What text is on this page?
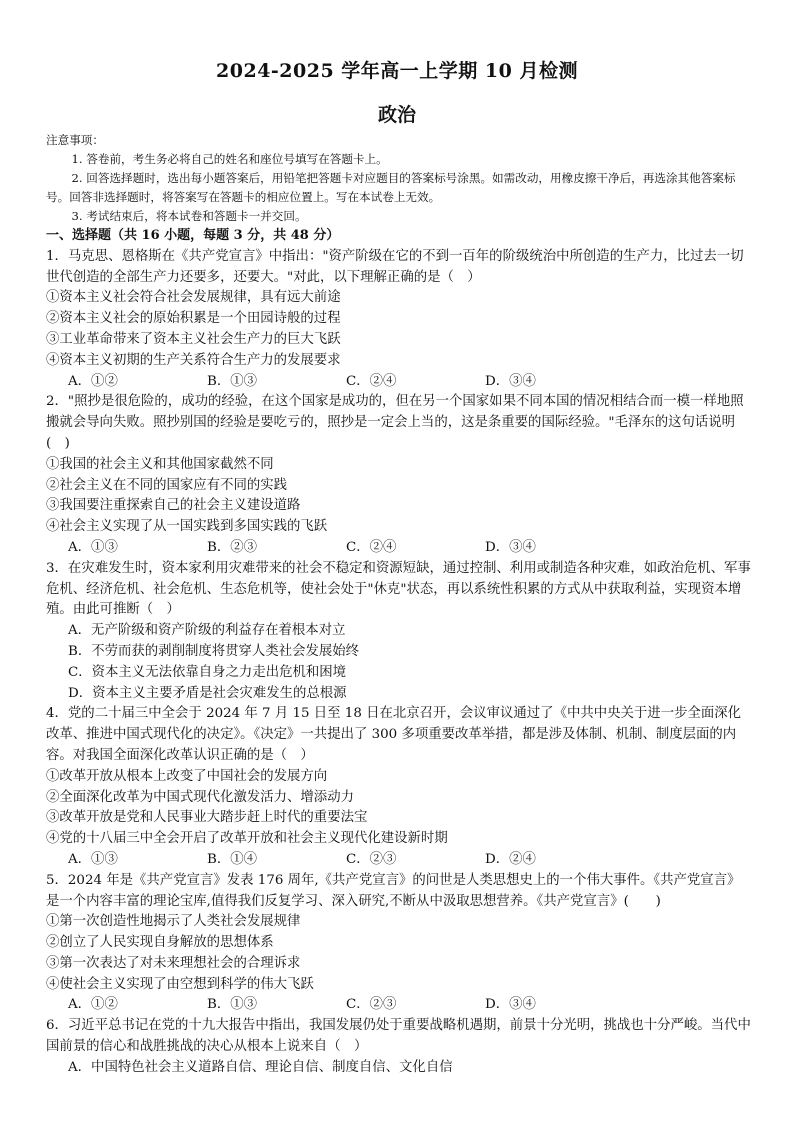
2024-2025 学年高一上学期 10 月检测
政治
注意事项：
1. 答卷前，考生务必将自己的姓名和座位号填写在答题卡上。
2. 回答选择题时，选出每小题答案后，用铅笔把答题卡对应题目的答案标号涂黑。如需改动，用橡皮擦干净后，再选涂其他答案标号。回答非选择题时，将答案写在答题卡的相应位置上。写在本试卷上无效。
3. 考试结束后，将本试卷和答题卡一并交回。
一、选择题（共 16 小题，每题 3 分，共 48 分）
1．马克思、恩格斯在《共产党宣言》中指出："资产阶级在它的不到一百年的阶级统治中所创造的生产力，比过去一切世代创造的全部生产力还要多，还要大。"对此，以下理解正确的是（　）
①资本主义社会符合社会发展规律，具有远大前途
②资本主义社会的原始积累是一个田园诗般的过程
③工业革命带来了资本主义社会生产力的巨大飞跃
④资本主义初期的生产关系符合生产力的发展要求
A．①②	B．①③	C．②④	D．③④
2．"照抄是很危险的，成功的经验，在这个国家是成功的，但在另一个国家如果不同本国的情况相结合而一模一样地照搬就会导向失败。照抄别国的经验是要吃亏的，照抄是一定会上当的，这是条重要的国际经验。"毛泽东的这句话说明(　)
①我国的社会主义和其他国家截然不同
②社会主义在不同的国家应有不同的实践
③我国要注重探索自己的社会主义建设道路
④社会主义实现了从一国实践到多国实践的飞跃
A．①③	B．②③	C．②④	D．③④
3．在灾难发生时，资本家利用灾难带来的社会不稳定和资源短缺，通过控制、利用或制造各种灾难，如政治危机、军事危机、经济危机、社会危机、生态危机等，使社会处于"休克"状态，再以系统性积累的方式从中获取利益，实现资本增殖。由此可推断（　）
A．无产阶级和资产阶级的利益存在着根本对立
B．不劳而获的剥削制度将贯穿人类社会发展始终
C．资本主义无法依靠自身之力走出危机和困境
D．资本主义主要矛盾是社会灾难发生的总根源
4．党的二十届三中全会于 2024 年 7 月 15 日至 18 日在北京召开，会议审议通过了《中共中央关于进一步全面深化改革、推进中国式现代化的决定》。《决定》一共提出了 300 多项重要改革举措，都是涉及体制、机制、制度层面的内容。对我国全面深化改革认识正确的是（　）
①改革开放从根本上改变了中国社会的发展方向
②全面深化改革为中国式现代化激发活力、增添动力
③改革开放是党和人民事业大踏步赶上时代的重要法宝
④党的十八届三中全会开启了改革开放和社会主义现代化建设新时期
A．①③	B．①④	C．②③	D．②④
5．2024 年是《共产党宣言》发表 176 周年,《共产党宣言》的问世是人类思想史上的一个伟大事件。《共产党宣言》是一个内容丰富的理论宝库,值得我们反复学习、深入研究,不断从中汲取思想营养。《共产党宣言》(　　)
①第一次创造性地揭示了人类社会发展规律
②创立了人民实现自身解放的思想体系
③第一次表达了对未来理想社会的合理诉求
④使社会主义实现了由空想到科学的伟大飞跃
A．①②	B．①③	C．②③	D．③④
6．习近平总书记在党的十九大报告中指出，我国发展仍处于重要战略机遇期，前景十分光明，挑战也十分严峻。当代中国前景的信心和战胜挑战的决心从根本上说来自（　）
A．中国特色社会主义道路自信、理论自信、制度自信、文化自信
